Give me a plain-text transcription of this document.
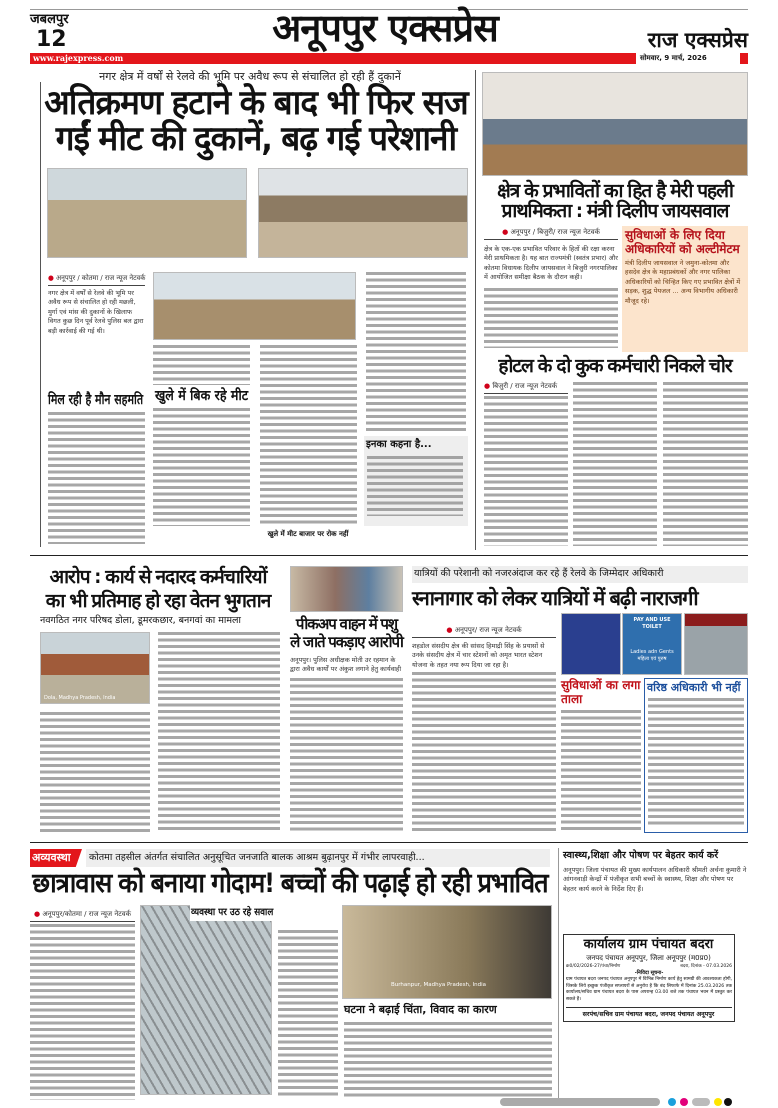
जबलपुर
12	अनूपपुर एक्सप्रेस	राज एक्सप्रेस
www.rajexpress.com	सोमवार, 9 मार्च, 2026
नगर क्षेत्र में वर्षों से रेलवे की भूमि पर अवैध रूप से संचालित हो रही हैं दुकानें
अतिक्रमण हटाने के बाद भी फिर सज गईं मीट की दुकानें, बढ़ गई परेशानी
● अनूपपुर / कोतमा / राज न्यूज नेटवर्क
नगर क्षेत्र में वर्षों से रेलवे की भूमि पर अवैध रूप से संचालित हो रही मछली, मुर्गा एवं मांस की दुकानों के खिलाफ विगत कुछ दिन पूर्व रेलवे पुलिस बल द्वारा बड़ी कार्रवाई की गई थी।
मिल रही है मौन सहमति खुले में बिक रहे मीट
खुले में मीट बाजार पर रोक नहीं
इनका कहना है...
क्षेत्र के प्रभावितों का हित है मेरी पहली प्राथमिकता : मंत्री दिलीप जायसवाल
● अनूपपुर / बिजुरी/ राज न्यूज नेटवर्क
क्षेत्र के एक-एक प्रभावित परिवार के हितों की रक्षा करना मेरी प्राथमिकता है। यह बात राज्यमंत्री (स्वतंत्र प्रभार) और कोतमा विधायक दिलीप जायसवाल ने बिजुरी नगरपालिका में आयोजित समीक्षा बैठक के दौरान कही।
सुविधाओं के लिए दिया अधिकारियों को अल्टीमेटम
मंत्री दिलीप जायसवाल ने जमुना-कोतमा और हसदेव क्षेत्र के महाप्रबंधकों और नगर पालिका अधिकारियों को चिन्हित किए गए प्रभावित क्षेत्रों में सड़क, शुद्ध पेयजल ... अन्य विभागीय अधिकारी मौजूद रहे।
होटल के दो कुक कर्मचारी निकले चोर
● बिजुरी / राज न्यूज नेटवर्क
आरोप : कार्य से नदारद कर्मचारियों का भी प्रतिमाह हो रहा वेतन भुगतान
नवगठित नगर परिषद डोला, डूमरकछार, बनगवां का मामला
Dola, Madhya Pradesh, India
पीकअप वाहन में पशु ले जाते पकड़ाए आरोपी
अनूपपुर। पुलिस अधीक्षक मोती उर रहमान के द्वारा अवैध कार्यों पर अंकुश लगाने हेतु कार्यवाही
यात्रियों की परेशानी को नजरअंदाज कर रहे हैं रेलवे के जिम्मेदार अधिकारी
स्नानागार को लेकर यात्रियों में बढ़ी नाराजगी
● अनूपपुर/ राज न्यूज नेटवर्क
शहडोल संसदीय क्षेत्र की सांसद हिमाद्री सिंह के प्रयासों से उनके संसदीय क्षेत्र में चार स्टेशनों को अमृत भारत स्टेशन योजना के तहत नया रूप दिया जा रहा है।
PAY AND USE TOILET
Ladies adn Gents
महिला एवं पुरुष
सुविधाओं का लगा ताला
वरिष्ठ अधिकारी भी नहीं
अव्यवस्था	कोतमा तहसील अंतर्गत संचालित अनुसूचित जनजाति बालक आश्रम बुढ़ानपुर में गंभीर लापरवाही...
छात्रावास को बनाया गोदाम! बच्चों की पढ़ाई हो रही प्रभावित
● अनूपपुर/कोतमा / राज न्यूज नेटवर्क	व्यवस्था पर उठ रहे सवाल
Burhanpur, Madhya Pradesh, India
घटना ने बढ़ाई चिंता, विवाद का कारण
स्वास्थ्य,शिक्षा और पोषण पर बेहतर कार्य करें
अनूपपुर। जिला पंचायत की मुख्य कार्यपालन अधिकारी श्रीमती अर्चना कुमारी ने आंगनवाड़ी केन्द्रों में पंजीकृत सभी बच्चों के स्वास्थ्य, शिक्षा और पोषण पर बेहतर कार्य करने के निर्देश दिए हैं।
कार्यालय ग्राम पंचायत बदरा
जनपद पंचायत अनूपपुर, जिला अनूपपुर (म0प्र0)
क्र0/02/2026-27/पंचा/निर्माण	बदरा, दिनांक - 07.03.2026
-निविदा सूचना-
ग्राम पंचायत बदरा जनपद पंचायत अनूपपुर में विभिन्न निर्माण कार्य हेतु सामग्री की आवश्यकता होगी, जिसके लिये इच्छुक पंजीकृत सप्लायरों से अनुरोध है कि बंद लिफाफे में दिनांक 25.03.2026 तक कार्यालय/सचिव ग्राम पंचायत बदरा के पास अपरान्ह 03.00 बजे तक पंचायत भवन में प्रस्तुत कर सकते हैं।
सरपंच/सचिव ग्राम पंचायत बदरा, जनपद पंचायत अनूपपुर
